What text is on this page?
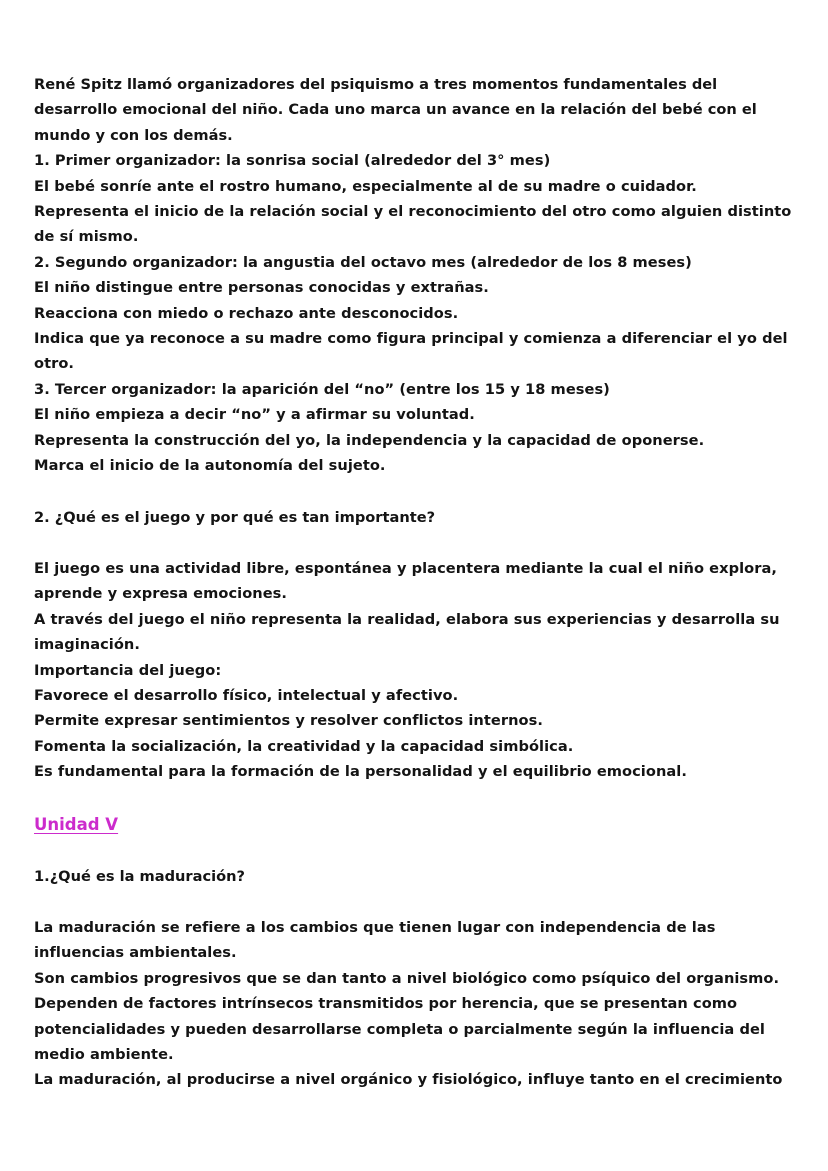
René Spitz llamó organizadores del psiquismo a tres momentos fundamentales del desarrollo emocional del niño. Cada uno marca un avance en la relación del bebé con el mundo y con los demás.

1. Primer organizador: la sonrisa social (alrededor del 3° mes)

El bebé sonríe ante el rostro humano, especialmente al de su madre o cuidador.

Representa el inicio de la relación social y el reconocimiento del otro como alguien distinto de sí mismo.

2. Segundo organizador: la angustia del octavo mes (alrededor de los 8 meses)

El niño distingue entre personas conocidas y extrañas.

Reacciona con miedo o rechazo ante desconocidos.

Indica que ya reconoce a su madre como figura principal y comienza a diferenciar el yo del otro.

3. Tercer organizador: la aparición del “no” (entre los 15 y 18 meses)

El niño empieza a decir “no” y a afirmar su voluntad.

Representa la construcción del yo, la independencia y la capacidad de oponerse.

Marca el inicio de la autonomía del sujeto.

2. ¿Qué es el juego y por qué es tan importante?

El juego es una actividad libre, espontánea y placentera mediante la cual el niño explora, aprende y expresa emociones.

A través del juego el niño representa la realidad, elabora sus experiencias y desarrolla su imaginación.

Importancia del juego:

Favorece el desarrollo físico, intelectual y afectivo.

Permite expresar sentimientos y resolver conflictos internos.

Fomenta la socialización, la creatividad y la capacidad simbólica.

Es fundamental para la formación de la personalidad y el equilibrio emocional.

Unidad V

1.¿Qué es la maduración?

La maduración se refiere a los cambios que tienen lugar con independencia de las influencias ambientales.

Son cambios progresivos que se dan tanto a nivel biológico como psíquico del organismo.

Dependen de factores intrínsecos transmitidos por herencia, que se presentan como potencialidades y pueden desarrollarse completa o parcialmente según la influencia del medio ambiente.

La maduración, al producirse a nivel orgánico y fisiológico, influye tanto en el crecimiento
